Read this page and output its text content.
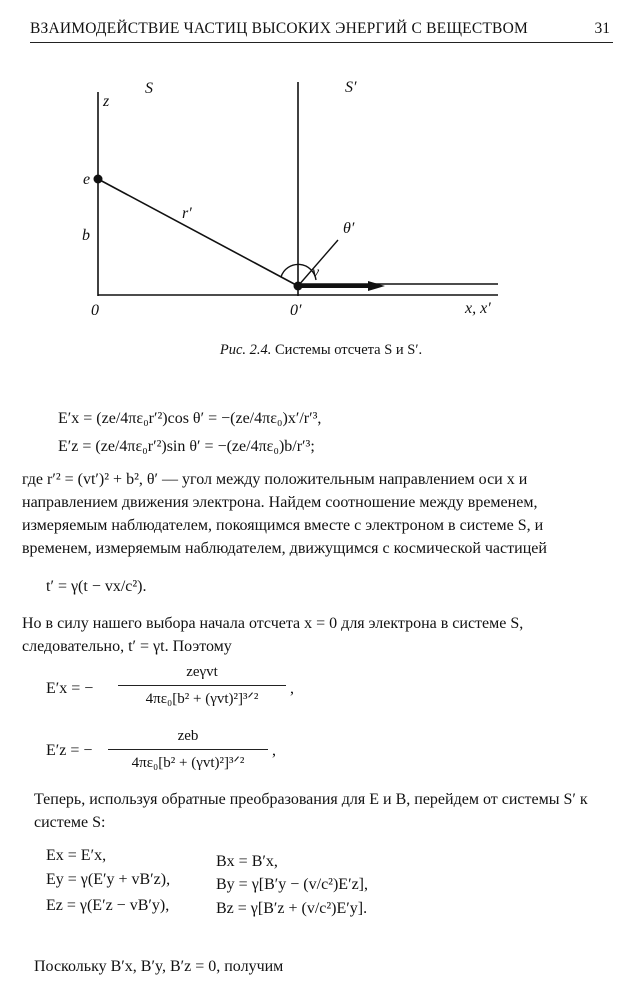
ВЗАИМОДЕЙСТВИЕ ЧАСТИЦ ВЫСОКИХ ЭНЕРГИЙ С ВЕЩЕСТВОМ	31
S	S′
z
e
b
r′
θ′
v
0	0′	x, x′
Рис. 2.4. Системы отсчета S и S′.
E′x = (ze/4πε₀r′²)cos θ′ = −(ze/4πε₀)x′/r′³,
E′z = (ze/4πε₀r′²)sin θ′ = −(ze/4πε₀)b/r′³;
где r′² = (vt′)² + b², θ′ — угол между положительным направлением оси x и направлением движения электрона. Найдем соотношение между временем, измеряемым наблюдателем, покоящимся вместе с электроном в системе S, и временем, измеряемым наблюдателем, движущимся с космической частицей
t′ = γ(t − vx/c²).
Но в силу нашего выбора начала отсчета x = 0 для электрона в системе S, следовательно, t′ = γt. Поэтому
E′x = −
zeγvt
4πε₀[b² + (γvt)²]³ᐟ²
,
E′z = −
zeb
4πε₀[b² + (γvt)²]³ᐟ²
,
Теперь, используя обратные преобразования для E и B, перейдем от системы S′ к системе S:
Ex = E′x,	Bx = B′x,
Ey = γ(E′y + vB′z),	By = γ[B′y − (v/c²)E′z],
Ez = γ(E′z − vB′y),	Bz = γ[B′z + (v/c²)E′y].
Поскольку B′x, B′y, B′z = 0, получим
